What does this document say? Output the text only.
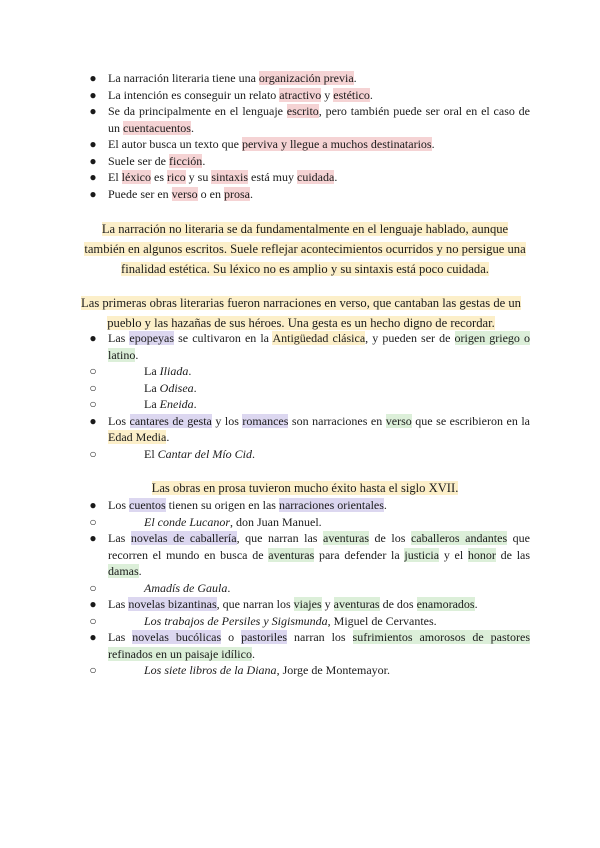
● La narración literaria tiene una organización previa.
● La intención es conseguir un relato atractivo y estético.
● Se da principalmente en el lenguaje escrito, pero también puede ser oral en el caso de un cuentacuentos.
● El autor busca un texto que perviva y llegue a muchos destinatarios.
● Suele ser de ficción.
● El léxico es rico y su sintaxis está muy cuidada.
● Puede ser en verso o en prosa.
La narración no literaria se da fundamentalmente en el lenguaje hablado, aunque también en algunos escritos. Suele reflejar acontecimientos ocurridos y no persigue una finalidad estética. Su léxico no es amplio y su sintaxis está poco cuidada.
Las primeras obras literarias fueron narraciones en verso, que cantaban las gestas de un pueblo y las hazañas de sus héroes. Una gesta es un hecho digno de recordar.
● Las epopeyas se cultivaron en la Antigüedad clásica, y pueden ser de origen griego o latino.
○	La Iliada.
○	La Odisea.
○	La Eneida.
● Los cantares de gesta y los romances son narraciones en verso que se escribieron en la Edad Media.
○	El Cantar del Mío Cid.
Las obras en prosa tuvieron mucho éxito hasta el siglo XVII.
● Los cuentos tienen su origen en las narraciones orientales.
○	El conde Lucanor, don Juan Manuel.
● Las novelas de caballería, que narran las aventuras de los caballeros andantes que recorren el mundo en busca de aventuras para defender la justicia y el honor de las damas.
○	Amadís de Gaula.
● Las novelas bizantinas, que narran los viajes y aventuras de dos enamorados.
○	Los trabajos de Persiles y Sigismunda, Miguel de Cervantes.
● Las novelas bucólicas o pastoriles narran los sufrimientos amorosos de pastores refinados en un paisaje idílico.
○	Los siete libros de la Diana, Jorge de Montemayor.
